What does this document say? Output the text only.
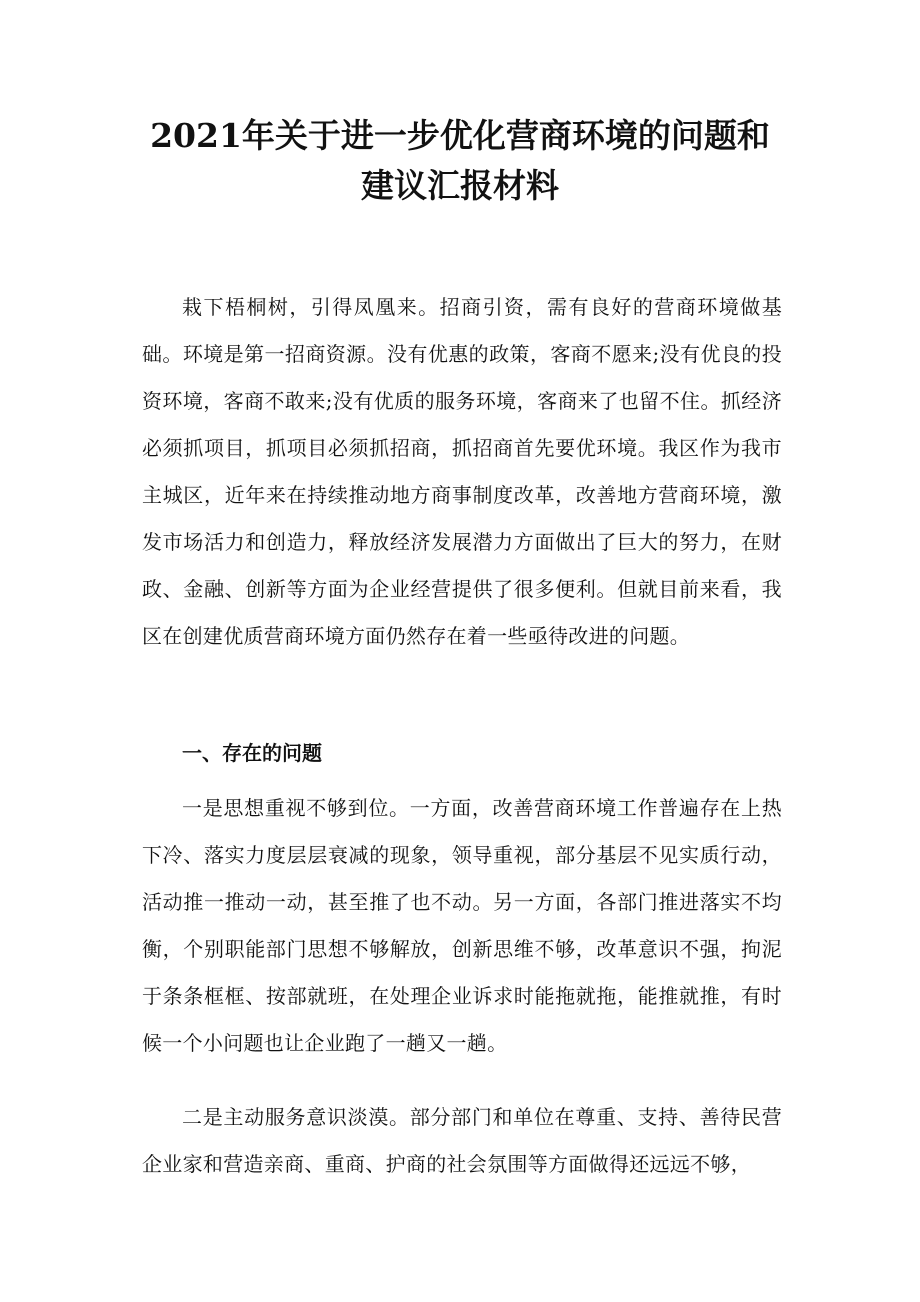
2021年关于进一步优化营商环境的问题和
建议汇报材料

栽下梧桐树，引得凤凰来。招商引资，需有良好的营商环境做基础。环境是第一招商资源。没有优惠的政策，客商不愿来;没有优良的投资环境，客商不敢来;没有优质的服务环境，客商来了也留不住。抓经济必须抓项目，抓项目必须抓招商，抓招商首先要优环境。我区作为我市主城区，近年来在持续推动地方商事制度改革，改善地方营商环境，激发市场活力和创造力，释放经济发展潜力方面做出了巨大的努力，在财政、金融、创新等方面为企业经营提供了很多便利。但就目前来看，我区在创建优质营商环境方面仍然存在着一些亟待改进的问题。

一、存在的问题

一是思想重视不够到位。一方面，改善营商环境工作普遍存在上热下冷、落实力度层层衰减的现象，领导重视，部分基层不见实质行动，活动推一推动一动，甚至推了也不动。另一方面，各部门推进落实不均衡，个别职能部门思想不够解放，创新思维不够，改革意识不强，拘泥于条条框框、按部就班，在处理企业诉求时能拖就拖，能推就推，有时候一个小问题也让企业跑了一趟又一趟。

二是主动服务意识淡漠。部分部门和单位在尊重、支持、善待民营企业家和营造亲商、重商、护商的社会氛围等方面做得还远远不够，
